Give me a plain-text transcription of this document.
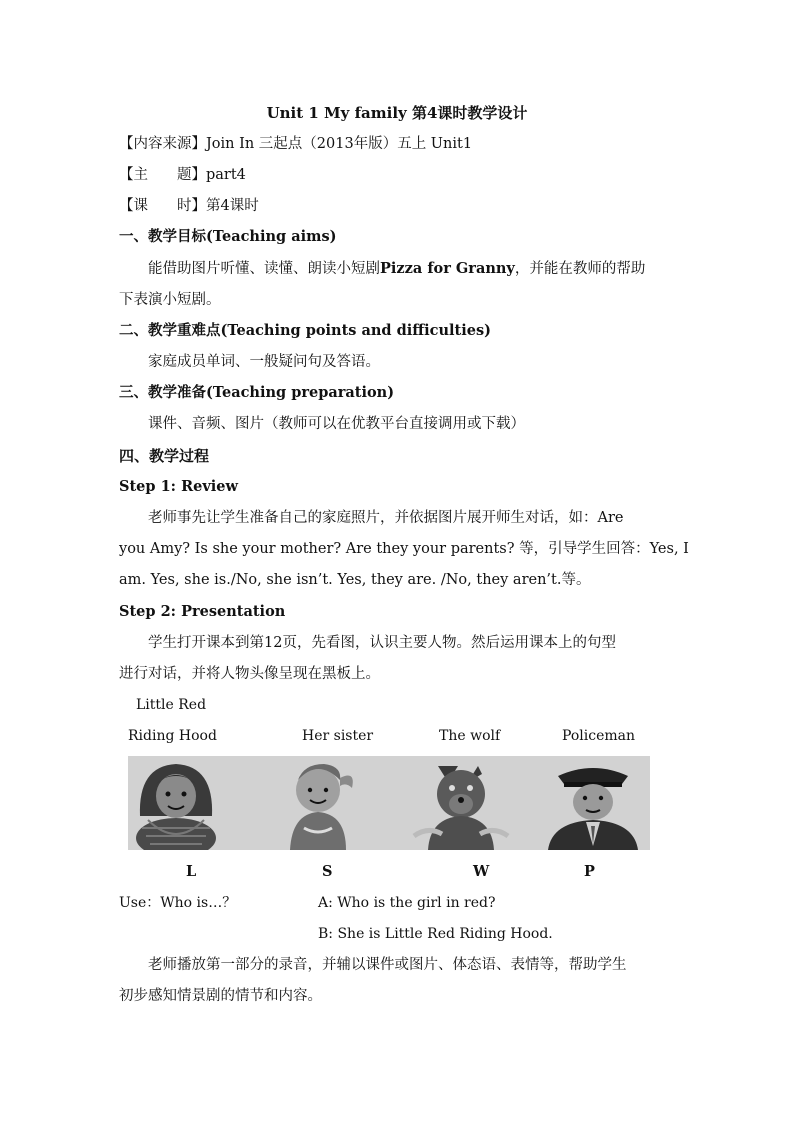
Unit 1 My family 第4课时教学设计
【内容来源】Join In 三起点（2013年版）五上 Unit1
【主　　题】part4
【课　　时】第4课时
一、教学目标(Teaching aims)
能借助图片听懂、读懂、朗读小短剧Pizza for Granny，并能在教师的帮助
下表演小短剧。
二、教学重难点(Teaching points and difficulties)
家庭成员单词、一般疑问句及答语。
三、教学准备(Teaching preparation)
课件、音频、图片（教师可以在优教平台直接调用或下载）
四、教学过程
Step 1: Review
老师事先让学生准备自己的家庭照片，并依据图片展开师生对话，如：Are
you Amy? Is she your mother? Are they your parents? 等，引导学生回答：Yes, I
am. Yes, she is./No, she isn’t. Yes, they are. /No, they aren’t.等。
Step 2: Presentation
学生打开课本到第12页，先看图，认识主要人物。然后运用课本上的句型
进行对话，并将人物头像呈现在黑板上。
Little Red
Riding Hood	Her sister	The wolf	Policeman
L	S	W	P
Use：Who is…？	A: Who is the girl in red?
B: She is Little Red Riding Hood.
老师播放第一部分的录音，并辅以课件或图片、体态语、表情等，帮助学生
初步感知情景剧的情节和内容。
